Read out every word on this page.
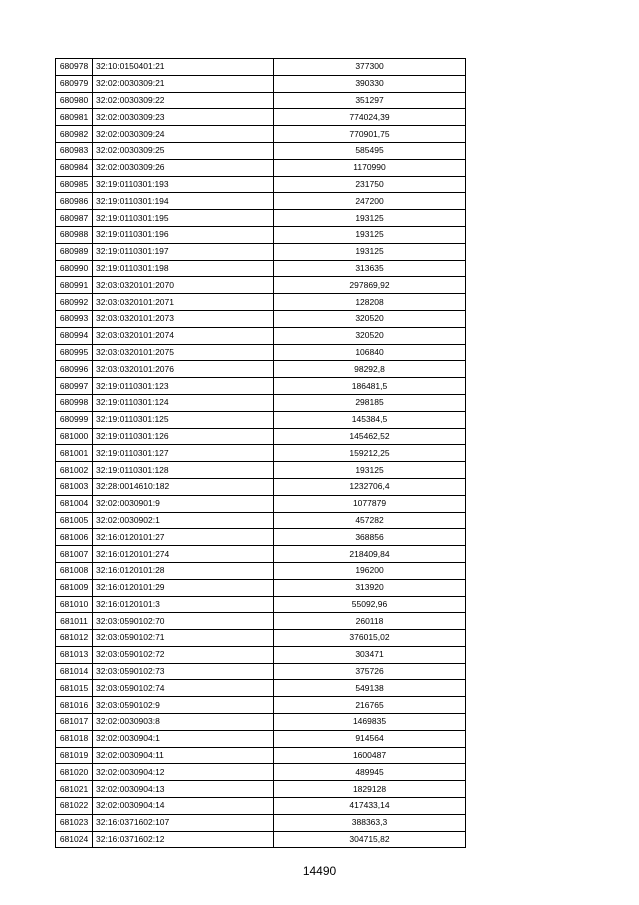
680978	32:10:0150401:21	377300
680979	32:02:0030309:21	390330
680980	32:02:0030309:22	351297
680981	32:02:0030309:23	774024,39
680982	32:02:0030309:24	770901,75
680983	32:02:0030309:25	585495
680984	32:02:0030309:26	1170990
680985	32:19:0110301:193	231750
680986	32:19:0110301:194	247200
680987	32:19:0110301:195	193125
680988	32:19:0110301:196	193125
680989	32:19:0110301:197	193125
680990	32:19:0110301:198	313635
680991	32:03:0320101:2070	297869,92
680992	32:03:0320101:2071	128208
680993	32:03:0320101:2073	320520
680994	32:03:0320101:2074	320520
680995	32:03:0320101:2075	106840
680996	32:03:0320101:2076	98292,8
680997	32:19:0110301:123	186481,5
680998	32:19:0110301:124	298185
680999	32:19:0110301:125	145384,5
681000	32:19:0110301:126	145462,52
681001	32:19:0110301:127	159212,25
681002	32:19:0110301:128	193125
681003	32:28:0014610:182	1232706,4
681004	32:02:0030901:9	1077879
681005	32:02:0030902:1	457282
681006	32:16:0120101:27	368856
681007	32:16:0120101:274	218409,84
681008	32:16:0120101:28	196200
681009	32:16:0120101:29	313920
681010	32:16:0120101:3	55092,96
681011	32:03:0590102:70	260118
681012	32:03:0590102:71	376015,02
681013	32:03:0590102:72	303471
681014	32:03:0590102:73	375726
681015	32:03:0590102:74	549138
681016	32:03:0590102:9	216765
681017	32:02:0030903:8	1469835
681018	32:02:0030904:1	914564
681019	32:02:0030904:11	1600487
681020	32:02:0030904:12	489945
681021	32:02:0030904:13	1829128
681022	32:02:0030904:14	417433,14
681023	32:16:0371602:107	388363,3
681024	32:16:0371602:12	304715,82
14490
